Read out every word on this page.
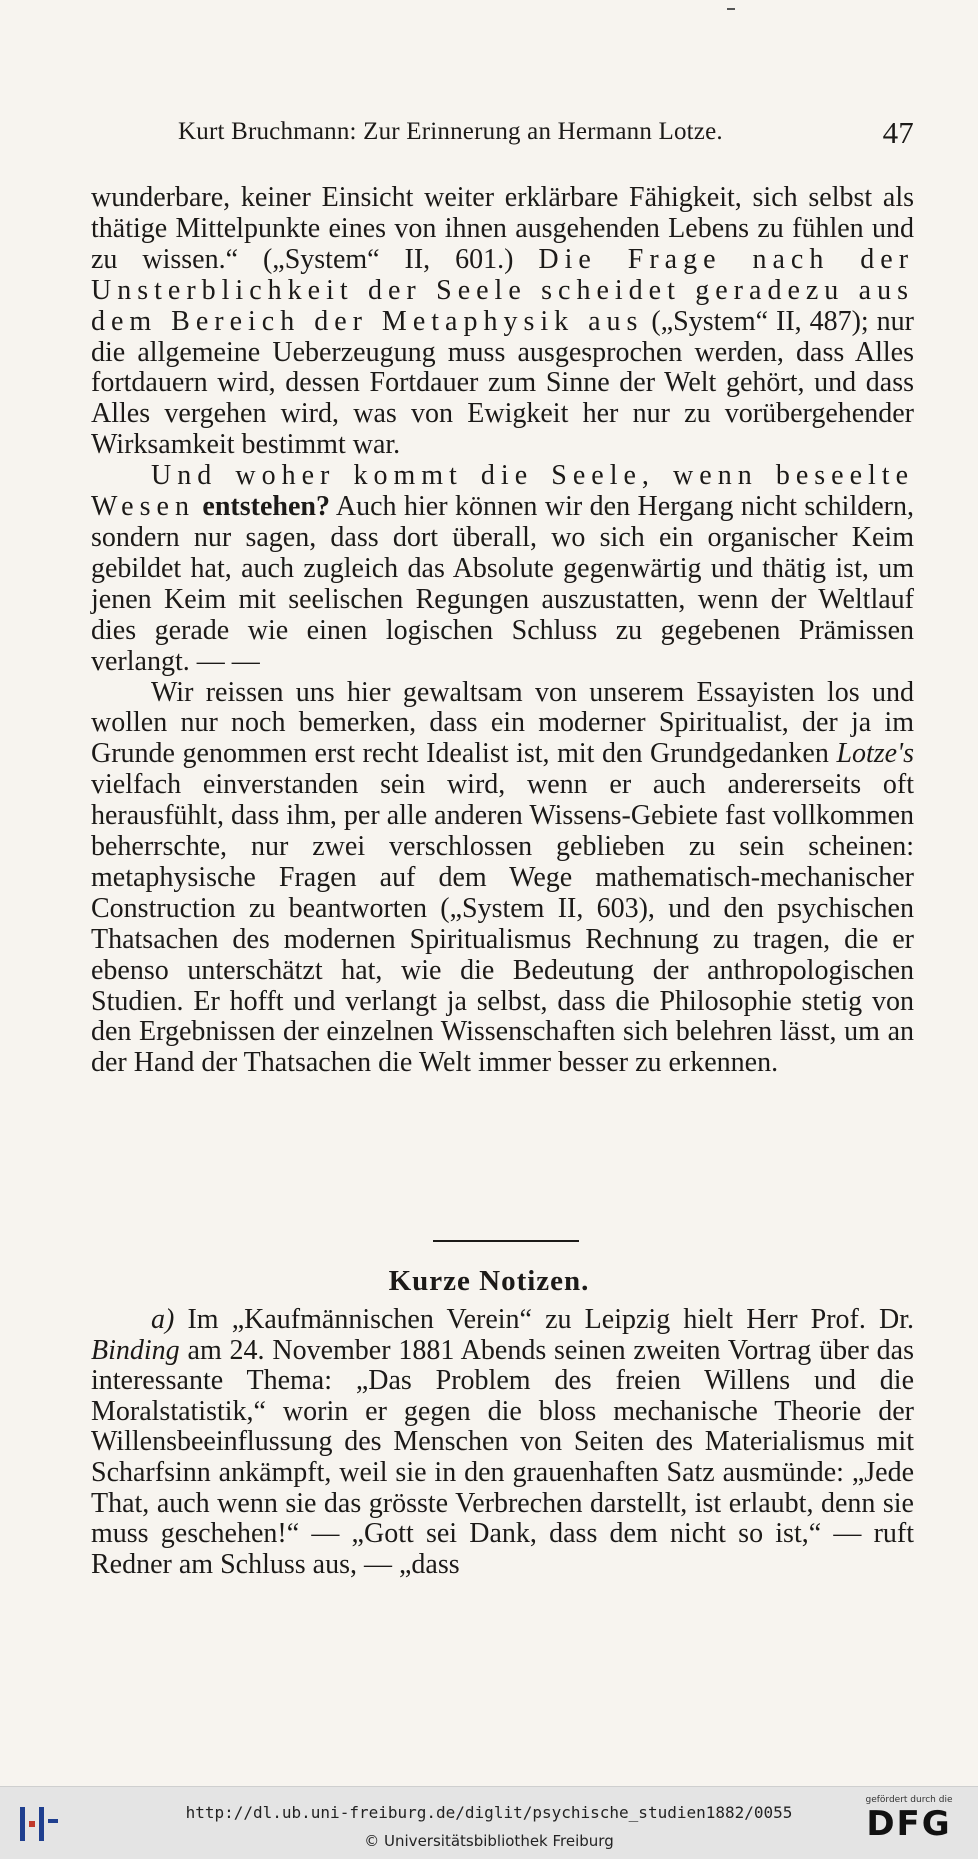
Kurt Bruchmann: Zur Erinnerung an Hermann Lotze.	47

wunderbare, keiner Einsicht weiter erklärbare Fähigkeit, sich selbst als thätige Mittelpunkte eines von ihnen ausgehenden Lebens zu fühlen und zu wissen.“ („System“ II, 601.) Die Frage nach der Unsterblichkeit der Seele scheidet geradezu aus dem Bereich der Metaphysik aus („System“ II, 487); nur die allgemeine Ueberzeugung muss ausgesprochen werden, dass Alles fortdauern wird, dessen Fortdauer zum Sinne der Welt gehört, und dass Alles vergehen wird, was von Ewigkeit her nur zu vorübergehender Wirksamkeit bestimmt war.

Und woher kommt die Seele, wenn beseelte Wesen entstehen? Auch hier können wir den Hergang nicht schildern, sondern nur sagen, dass dort überall, wo sich ein organischer Keim gebildet hat, auch zugleich das Absolute gegenwärtig und thätig ist, um jenen Keim mit seelischen Regungen auszustatten, wenn der Weltlauf dies gerade wie einen logischen Schluss zu gegebenen Prämissen verlangt. — —

Wir reissen uns hier gewaltsam von unserem Essayisten los und wollen nur noch bemerken, dass ein moderner Spiritualist, der ja im Grunde genommen erst recht Idealist ist, mit den Grundgedanken Lotze's vielfach einverstanden sein wird, wenn er auch andererseits oft herausfühlt, dass ihm, per alle anderen Wissens-Gebiete fast vollkommen beherrschte, nur zwei verschlossen geblieben zu sein scheinen: metaphysische Fragen auf dem Wege mathematisch-mechanischer Construction zu beantworten („System II, 603), und den psychischen Thatsachen des modernen Spiritualismus Rechnung zu tragen, die er ebenso unterschätzt hat, wie die Bedeutung der anthropologischen Studien. Er hofft und verlangt ja selbst, dass die Philosophie stetig von den Ergebnissen der einzelnen Wissenschaften sich belehren lässt, um an der Hand der Thatsachen die Welt immer besser zu erkennen.

Kurze Notizen.

a) Im „Kaufmännischen Verein“ zu Leipzig hielt Herr Prof. Dr. Binding am 24. November 1881 Abends seinen zweiten Vortrag über das interessante Thema: „Das Problem des freien Willens und die Moralstatistik,“ worin er gegen die bloss mechanische Theorie der Willensbeeinflussung des Menschen von Seiten des Materialismus mit Scharfsinn ankämpft, weil sie in den grauenhaften Satz ausmünde: „Jede That, auch wenn sie das grösste Verbrechen darstellt, ist erlaubt, denn sie muss geschehen!“ — „Gott sei Dank, dass dem nicht so ist,“ — ruft Redner am Schluss aus, — „dass

http://dl.ub.uni-freiburg.de/diglit/psychische_studien1882/0055
© Universitätsbibliothek Freiburg
gefördert durch die
DFG
